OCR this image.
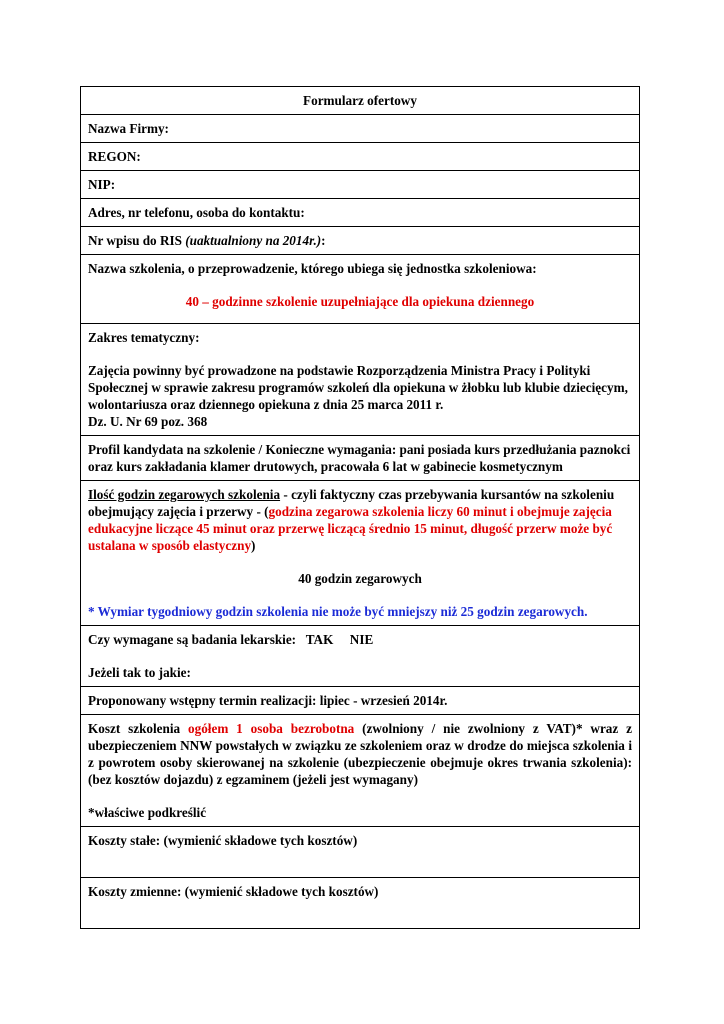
Formularz ofertowy
Nazwa Firmy:
REGON:
NIP:
Adres, nr telefonu, osoba do kontaktu:
Nr wpisu do RIS (uaktualniony na 2014r.):

Nazwa szkolenia, o przeprowadzenie, którego ubiega się jednostka szkoleniowa:

40 – godzinne szkolenie uzupełniające dla opiekuna dziennego

Zakres tematyczny:

Zajęcia powinny być prowadzone na podstawie Rozporządzenia Ministra Pracy i Polityki Społecznej w sprawie zakresu programów szkoleń dla opiekuna w żłobku lub klubie dziecięcym, wolontariusza oraz dziennego opiekuna z dnia 25 marca 2011 r.

Dz. U. Nr 69 poz. 368

Profil kandydata na szkolenie / Konieczne wymagania: pani posiada kurs przedłużania paznokci oraz kurs zakładania klamer drutowych, pracowała 6 lat w gabinecie kosmetycznym

Ilość godzin zegarowych szkolenia - czyli faktyczny czas przebywania kursantów na szkoleniu obejmujący zajęcia i przerwy - (godzina zegarowa szkolenia liczy 60 minut i obejmuje zajęcia edukacyjne liczące 45 minut oraz przerwę liczącą średnio 15 minut, długość przerw może być ustalana w sposób elastyczny)

40 godzin zegarowych

* Wymiar tygodniowy godzin szkolenia nie może być mniejszy niż 25 godzin zegarowych.

Czy wymagane są badania lekarskie:   TAK     NIE

Jeżeli tak to jakie:

Proponowany wstępny termin realizacji: lipiec - wrzesień 2014r.

Koszt szkolenia ogółem 1 osoba bezrobotna (zwolniony / nie zwolniony z VAT)* wraz z ubezpieczeniem NNW powstałych w związku ze szkoleniem oraz w drodze do miejsca szkolenia i z powrotem osoby skierowanej na szkolenie (ubezpieczenie obejmuje okres trwania szkolenia): (bez kosztów dojazdu) z egzaminem (jeżeli jest wymagany)

*właściwe podkreślić

Koszty stałe: (wymienić składowe tych kosztów)
Koszty zmienne: (wymienić składowe tych kosztów)
